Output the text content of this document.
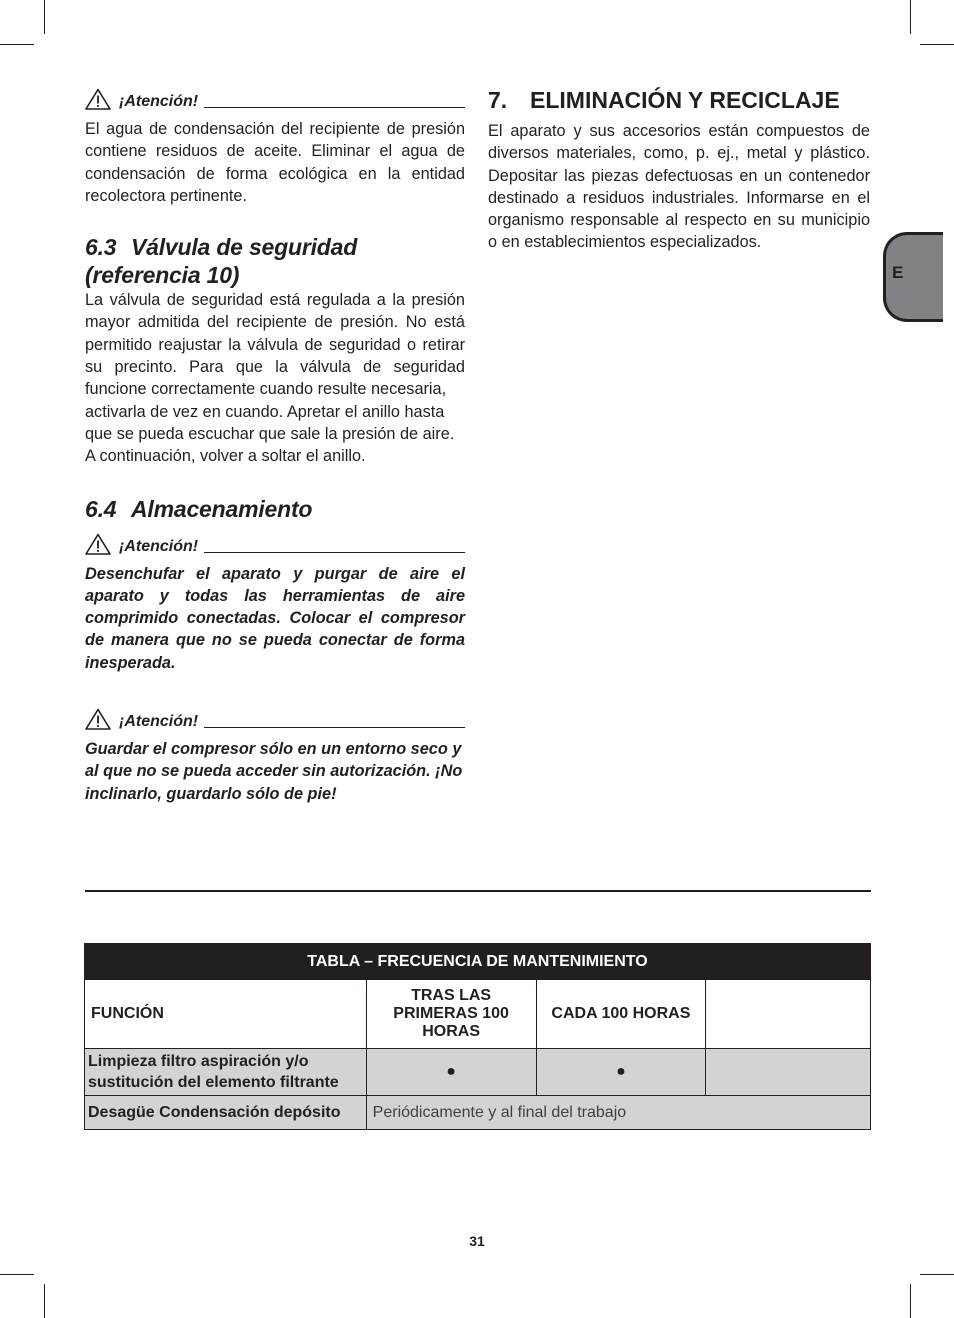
¡Atención!

El agua de condensación del recipiente de presión contiene residuos de aceite. Eliminar el agua de condensación de forma ecológica en la entidad recolectora pertinente.

6.3 Válvula de seguridad (referencia 10)

La válvula de seguridad está regulada a la presión mayor admitida del recipiente de presión. No está permitido reajustar la válvula de seguridad o retirar su precinto. Para que la válvula de seguridad funcione correctamente cuando resulte necesaria,

activarla de vez en cuando. Apretar el anillo hasta que se pueda escuchar que sale la presión de aire. A continuación, volver a soltar el anillo.

6.4 Almacenamiento
¡Atención!

Desenchufar el aparato y purgar de aire el aparato y todas las herramientas de aire comprimido conectadas. Colocar el compresor de manera que no se pueda conectar de forma inesperada.

¡Atención!

Guardar el compresor sólo en un entorno seco y al que no se pueda acceder sin autorización. ¡No inclinarlo, guardarlo sólo de pie!

7. ELIMINACIÓN Y RECICLAJE

El aparato y sus accesorios están compuestos de diversos materiales, como, p. ej., metal y plástico. Depositar las piezas defectuosas en un contenedor destinado a residuos industriales. Informarse en el organismo responsable al respecto en su municipio o en establecimientos especializados.

E
TABLA – FRECUENCIA DE MANTENIMIENTO			
FUNCIÓN	TRAS LAS PRIMERAS 100 HORAS	CADA 100 HORAS	
Limpieza filtro aspiración y/o sustitución del elemento filtrante	●	●	
Desagüe Condensación depósito	Periódicamente y al final del trabajo		
31
